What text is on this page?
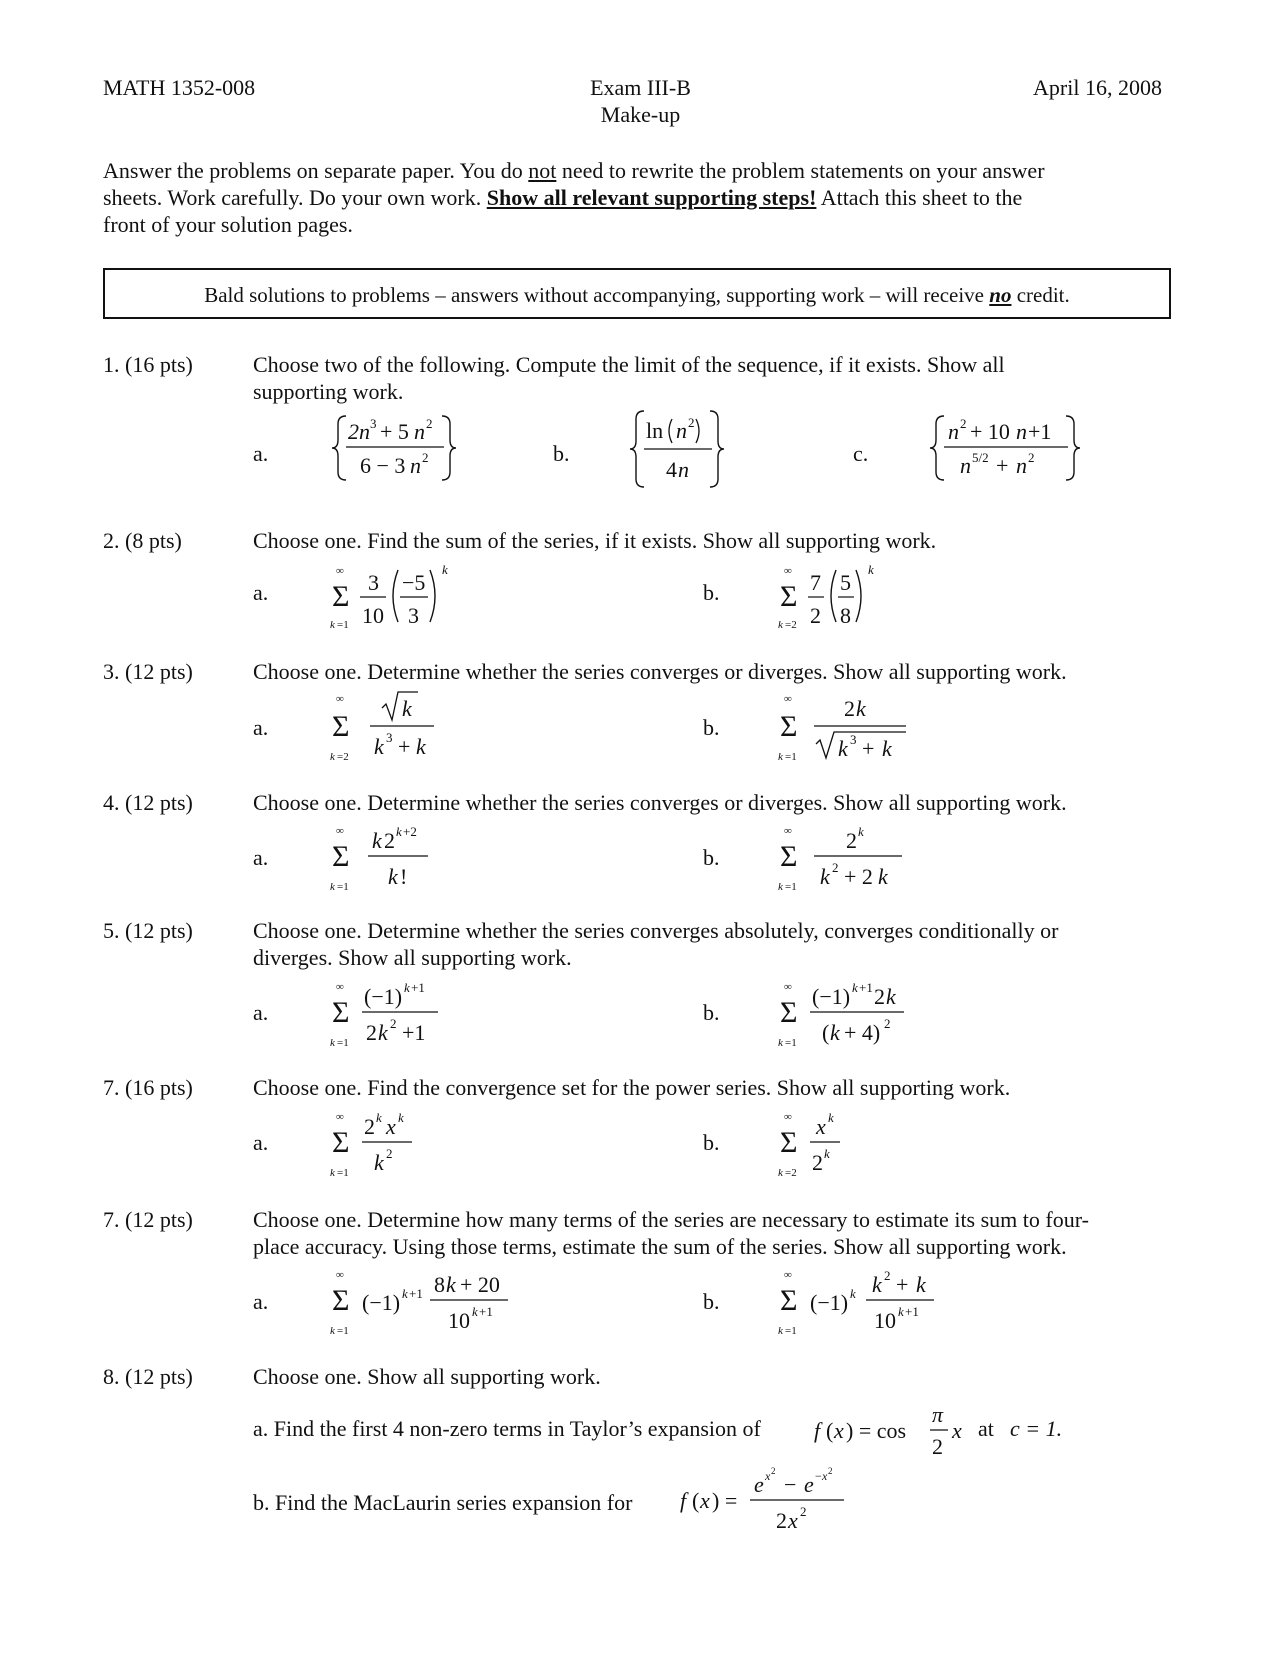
MATH 1352-008	Exam III-B
Make-up
April 16, 2008
Answer the problems on separate paper. You do not need to rewrite the problem statements on your answer
sheets. Work carefully. Do your own work. Show all relevant supporting steps! Attach this sheet to the
front of your solution pages.
Bald solutions to problems – answers without accompanying, supporting work – will receive no credit.
1. (16 pts)	Choose two of the following. Compute the limit of the sequence, if it exists. Show all
supporting work.
a.	b.	c.
2n 3 + 5 n 2
6 − 3 n 2
ln n 2
4 n
n 2 + 10 n +1
n 5/2 + n 2
2. (8 pts)	Choose one. Find the sum of the series, if it exists. Show all supporting work.
a.	b.
∞
Σ
k =1
3
10
−5
3
k	∞
Σ
k =2
7
2
5
8
k
3. (12 pts)	Choose one. Determine whether the series converges or diverges. Show all supporting work.
a.	b.
∞
Σ
k =2
k
k 3 + k
∞
Σ
k =1
2 k
k 3 + k
4. (12 pts)	Choose one. Determine whether the series converges or diverges. Show all supporting work.
a.	b.
∞
Σ
k =1
k 2 k +2
k !
∞
Σ
k =1
2 k
k 2 + 2 k
5. (12 pts)	Choose one. Determine whether the series converges absolutely, converges conditionally or
diverges. Show all supporting work.
a.	b.
∞
Σ
k =1
(−1) k +1
2 k 2 +1
∞
Σ
k =1
(−1) k +1 2 k
( k + 4) 2
7. (16 pts)	Choose one. Find the convergence set for the power series. Show all supporting work.
a.	b.
∞
Σ
k =1
2 k x k
k 2
∞
Σ
k =2
x k
2 k
7. (12 pts)	Choose one. Determine how many terms of the series are necessary to estimate its sum to four-
place accuracy. Using those terms, estimate the sum of the series. Show all supporting work.
a.	b.
∞
Σ
k =1
(−1) k +1 8 k + 20
10 k +1
∞
Σ
k =1
(−1) k k 2 + k
10 k +1
8. (12 pts)	Choose one. Show all supporting work.
a. Find the first 4 non-zero terms in Taylor’s expansion of f ( x ) = cos
π
2
x at c = 1.
b. Find the MacLaurin series expansion for f ( x ) =
e x 2
− e − x 2
2 x 2
